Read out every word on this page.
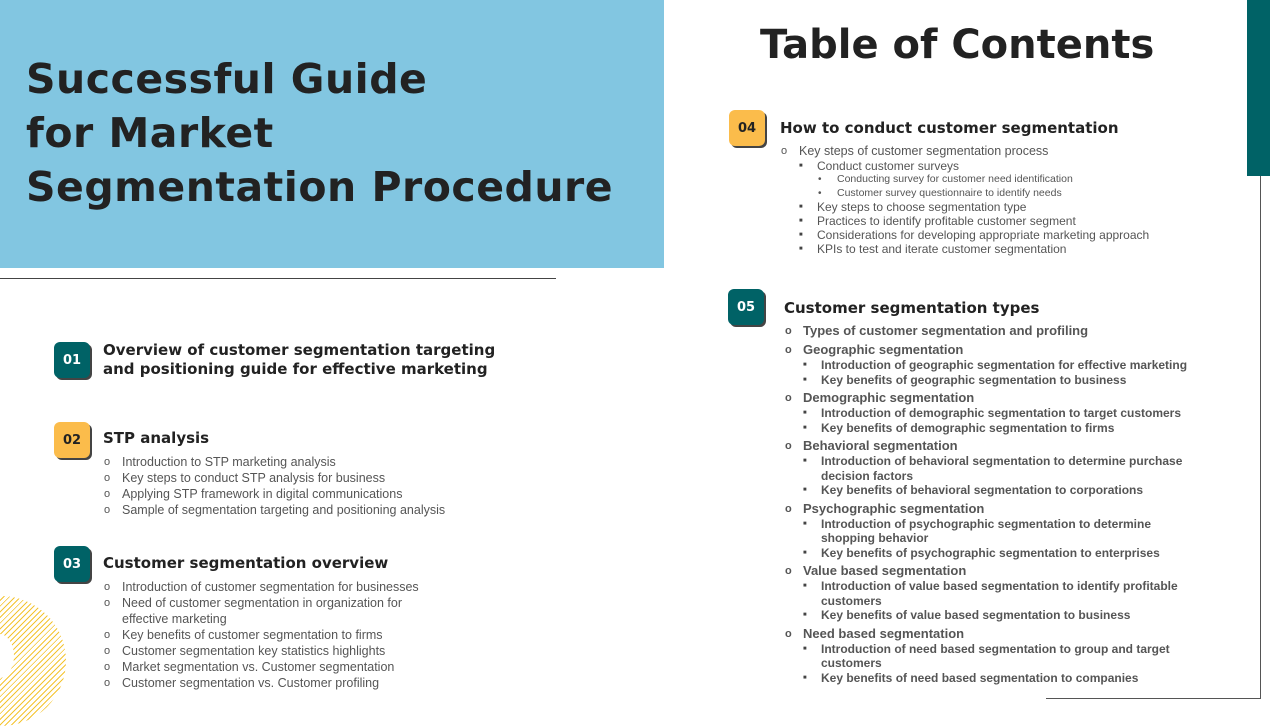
Successful Guide
for Market
Segmentation Procedure
Table of Contents
01
Overview of customer segmentation targeting
and positioning guide for effective marketing
02	STP analysis
o Introduction to STP marketing analysis
o Key steps to conduct STP analysis for business
o Applying STP framework in digital communications
o Sample of segmentation targeting and positioning analysis
03	Customer segmentation overview
o Introduction of customer segmentation for businesses
o Need of customer segmentation in organization for effective marketing
o Key benefits of customer segmentation to firms
o Customer segmentation key statistics highlights
o Market segmentation vs. Customer segmentation
o Customer segmentation vs. Customer profiling
04	How to conduct customer segmentation
o Key steps of customer segmentation process
■ Conduct customer surveys
• Conducting survey for customer need identification
• Customer survey questionnaire to identify needs
■ Key steps to choose segmentation type
■ Practices to identify profitable customer segment
■ Considerations for developing appropriate marketing approach
■ KPIs to test and iterate customer segmentation
05	Customer segmentation types
o Types of customer segmentation and profiling
o Geographic segmentation
■ Introduction of geographic segmentation for effective marketing
■ Key benefits of geographic segmentation to business
o Demographic segmentation
■ Introduction of demographic segmentation to target customers
■ Key benefits of demographic segmentation to firms
o Behavioral segmentation
■ Introduction of behavioral segmentation to determine purchase decision factors
■ Key benefits of behavioral segmentation to corporations
o Psychographic segmentation
■ Introduction of psychographic segmentation to determine shopping behavior
■ Key benefits of psychographic segmentation to enterprises
o Value based segmentation
■ Introduction of value based segmentation to identify profitable customers
■ Key benefits of value based segmentation to business
o Need based segmentation
■ Introduction of need based segmentation to group and target customers
■ Key benefits of need based segmentation to companies
